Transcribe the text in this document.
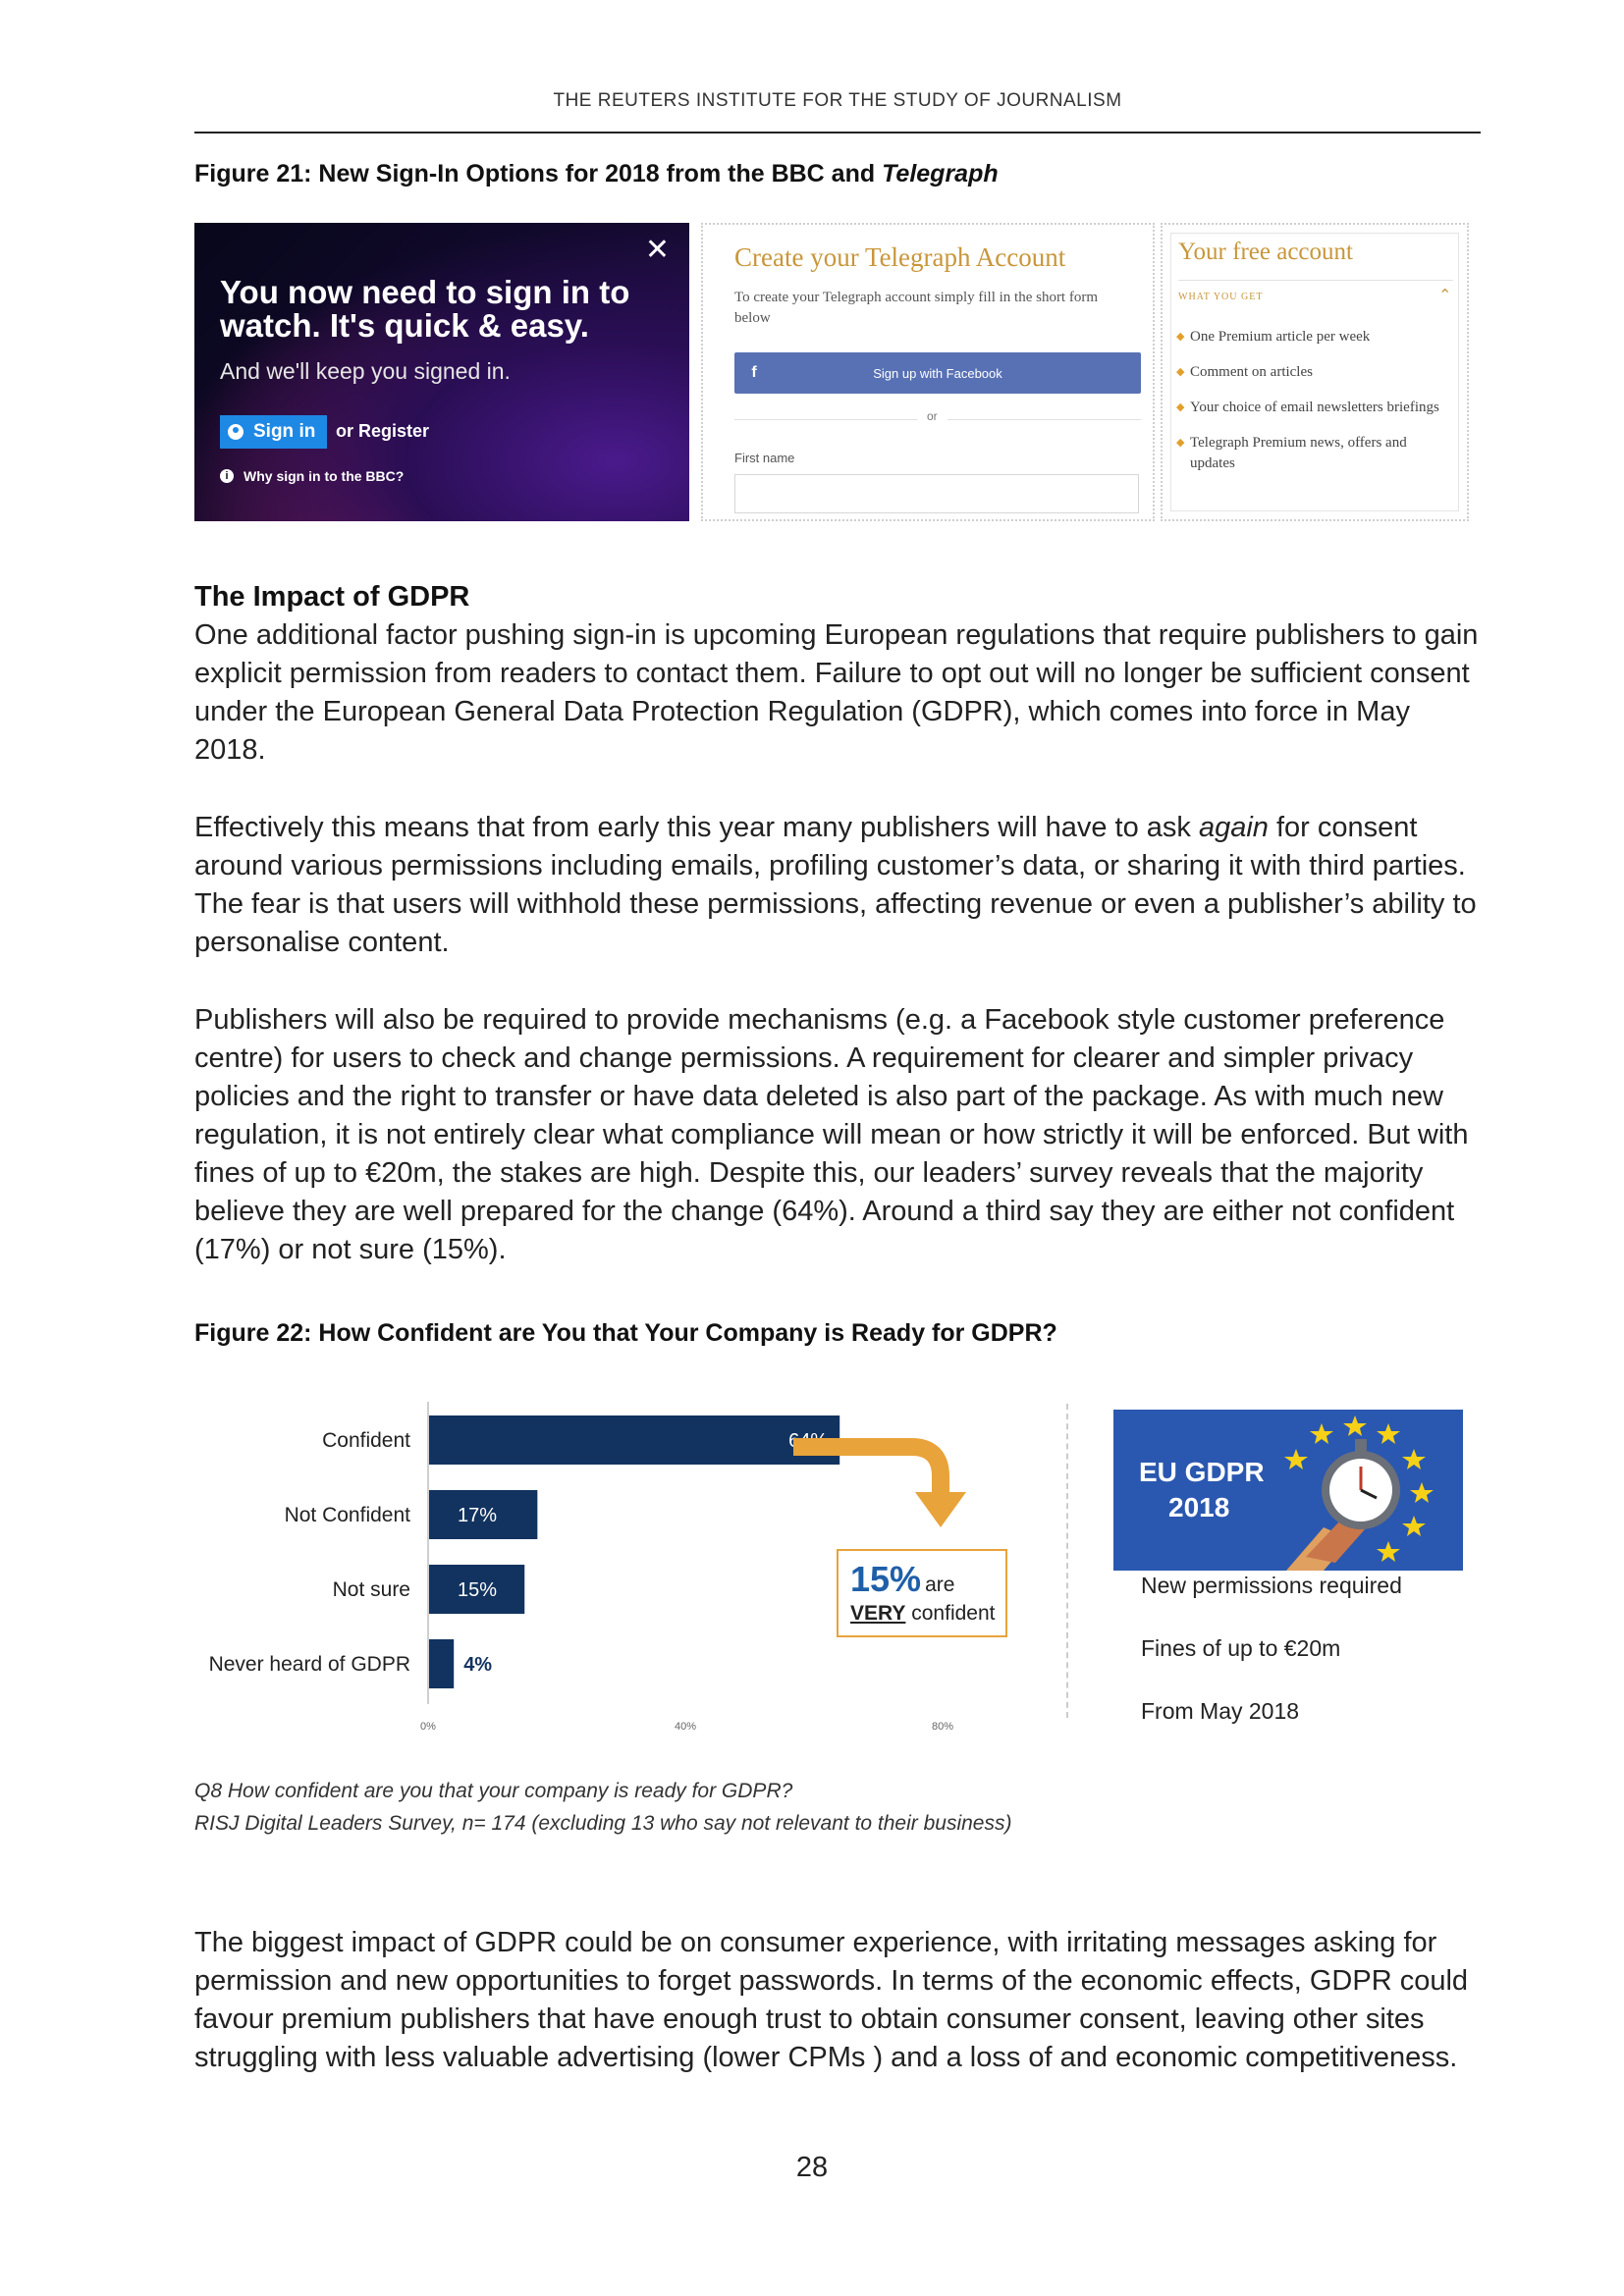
THE REUTERS INSTITUTE FOR THE STUDY OF JOURNALISM
Figure 21: New Sign-In Options for 2018 from the BBC and Telegraph
✕
You now need to sign in to watch. It's quick & easy.
And we'll keep you signed in.
Sign in or Register
i	Why sign in to the BBC?
Create your Telegraph Account
To create your Telegraph account simply fill in the short form below
f	Sign up with Facebook
or
First name
Your free account
WHAT YOU GET	⌄
◆ One Premium article per week
◆ Comment on articles
◆ Your choice of email newsletters briefings
◆ Telegraph Premium news, offers and updates
The Impact of GDPR

One additional factor pushing sign-in is upcoming European regulations that require publishers to gain explicit permission from readers to contact them. Failure to opt out will no longer be sufficient consent under the European General Data Protection Regulation (GDPR), which comes into force in May 2018.

Effectively this means that from early this year many publishers will have to ask again for consent around various permissions including emails, profiling customer’s data, or sharing it with third parties. The fear is that users will withhold these permissions, affecting revenue or even a publisher’s ability to personalise content.

Publishers will also be required to provide mechanisms (e.g. a Facebook style customer preference centre) for users to check and change permissions. A requirement for clearer and simpler privacy policies and the right to transfer or have data deleted is also part of the package. As with much new regulation, it is not entirely clear what compliance will mean or how strictly it will be enforced. But with fines of up to €20m, the stakes are high. Despite this, our leaders’ survey reveals that the majority believe they are well prepared for the change (64%). Around a third say they are either not confident (17%) or not sure (15%).

Figure 22: How Confident are You that Your Company is Ready for GDPR?
Confident	64%
Not Confident 17%
Not sure 15%
Never heard of GDPR	4%
0%	40%	80%
15% are
VERY confident
EU GDPR
2018
New permissions required
Fines of up to €20m
From May 2018

Q8 How confident are you that your company is ready for GDPR?

RISJ Digital Leaders Survey, n= 174 (excluding 13 who say not relevant to their business)

The biggest impact of GDPR could be on consumer experience, with irritating messages asking for permission and new opportunities to forget passwords. In terms of the economic effects, GDPR could favour premium publishers that have enough trust to obtain consumer consent, leaving other sites struggling with less valuable advertising (lower CPMs ) and a loss of and economic competitiveness.

28
